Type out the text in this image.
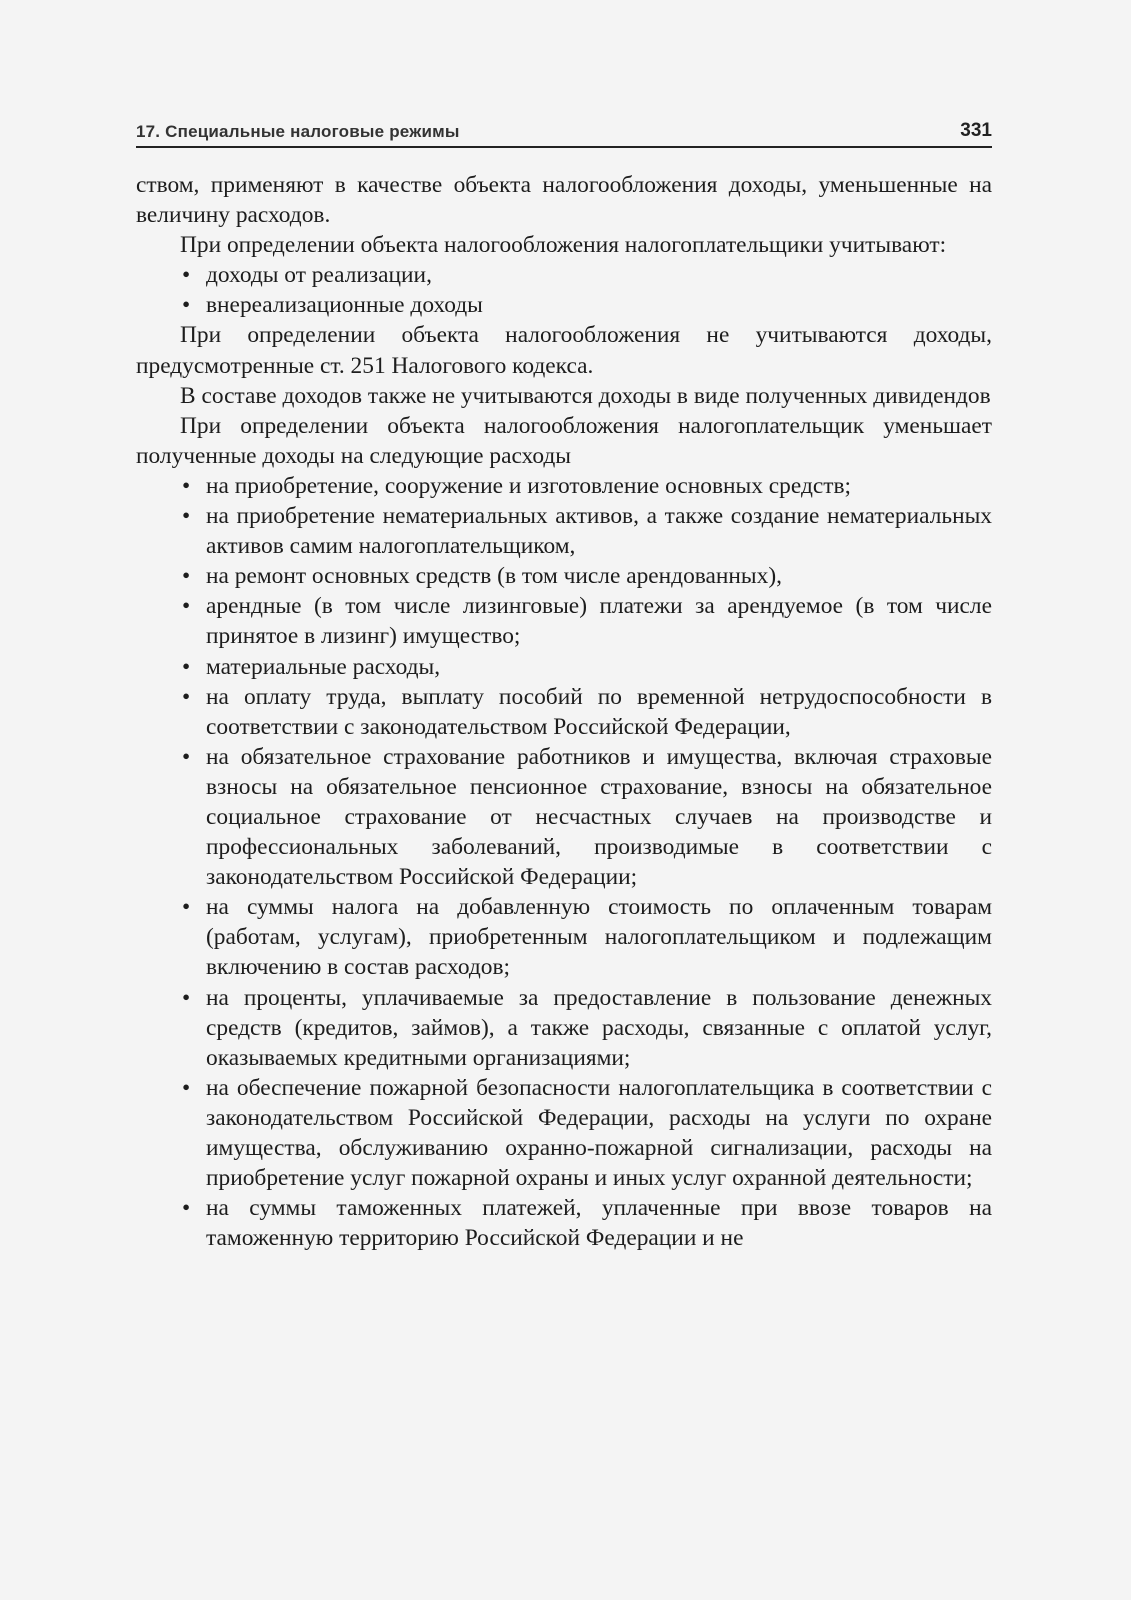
17. Специальные налоговые режимы	331

ством, применяют в качестве объекта налогообложения доходы, уменьшенные на величину расходов.

При определении объекта налогообложения налогоплательщики учитывают:

• доходы от реализации,
• внереализационные доходы

При определении объекта налогообложения не учитываются доходы, предусмотренные ст. 251 Налогового кодекса.

В составе доходов также не учитываются доходы в виде полученных дивидендов

При определении объекта налогообложения налогоплательщик уменьшает полученные доходы на следующие расходы

• на приобретение, сооружение и изготовление основных средств;
• на приобретение нематериальных активов, а также создание нематериальных активов самим налогоплательщиком,
• на ремонт основных средств (в том числе арендованных),
• арендные (в том числе лизинговые) платежи за арендуемое (в том числе принятое в лизинг) имущество;
• материальные расходы,
• на оплату труда, выплату пособий по временной нетрудоспособности в соответствии с законодательством Российской Федерации,
• на обязательное страхование работников и имущества, включая страховые взносы на обязательное пенсионное страхование, взносы на обязательное социальное страхование от несчастных случаев на производстве и профессиональных заболеваний, производимые в соответствии с законодательством Российской Федерации;
• на суммы налога на добавленную стоимость по оплаченным товарам (работам, услугам), приобретенным налогоплательщиком и подлежащим включению в состав расходов;
• на проценты, уплачиваемые за предоставление в пользование денежных средств (кредитов, займов), а также расходы, связанные с оплатой услуг, оказываемых кредитными организациями;
• на обеспечение пожарной безопасности налогоплательщика в соответствии с законодательством Российской Федерации, расходы на услуги по охране имущества, обслуживанию охранно-пожарной сигнализации, расходы на приобретение услуг пожарной охраны и иных услуг охранной деятельности;
• на суммы таможенных платежей, уплаченные при ввозе товаров на таможенную территорию Российской Федерации и не
